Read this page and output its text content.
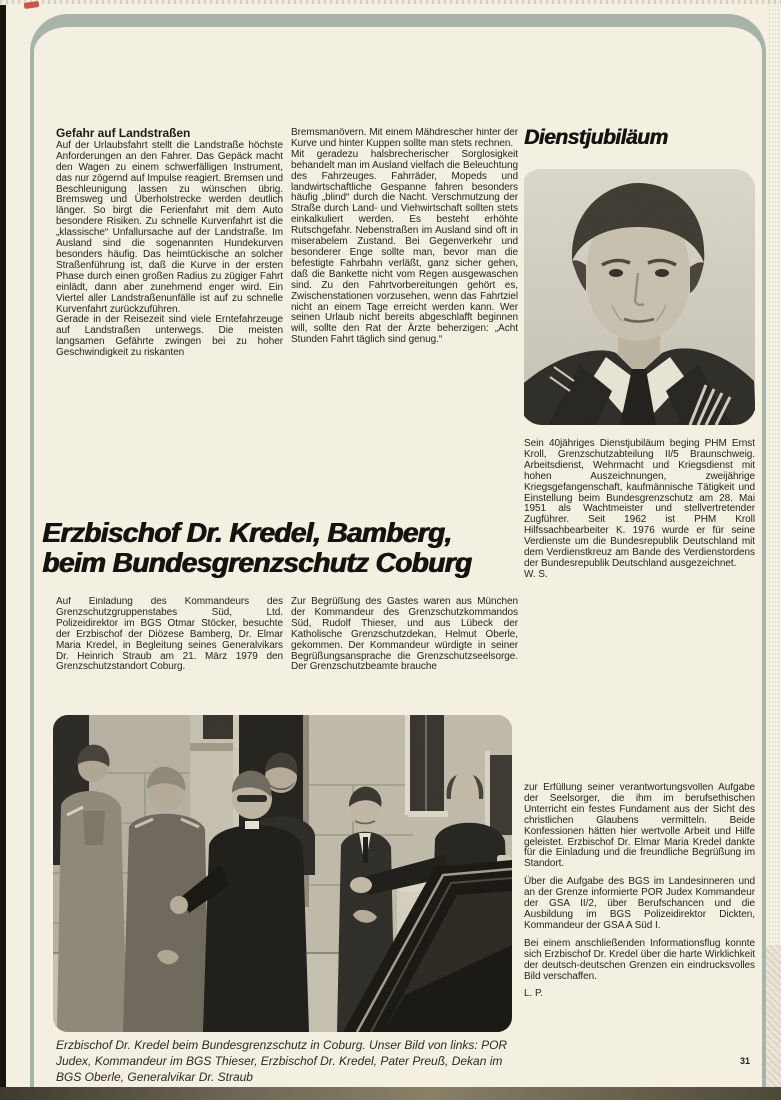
Gefahr auf Landstraßen

Auf der Urlaubsfahrt stellt die Landstraße höchste Anforderungen an den Fahrer. Das Gepäck macht den Wagen zu einem schwerfälligen Instrument, das nur zögernd auf Impulse reagiert. Bremsen und Beschleunigung lassen zu wünschen übrig. Bremsweg und Überholstrecke werden deutlich länger. So birgt die Ferienfahrt mit dem Auto besondere Risiken. Zu schnelle Kurvenfahrt ist die „klassische“ Unfallursache auf der Landstraße. Im Ausland sind die sogenannten Hundekurven besonders häufig. Das heimtückische an solcher Straßenführung ist, daß die Kurve in der ersten Phase durch einen großen Radius zu zügiger Fahrt einlädt, dann aber zunehmend enger wird. Ein Viertel aller Landstraßenunfälle ist auf zu schnelle Kurvenfahrt zurückzuführen.

Gerade in der Reisezeit sind viele Erntefahrzeuge auf Landstraßen unterwegs. Die meisten langsamen Gefährte zwingen bei zu hoher Geschwindigkeit zu riskanten

Bremsmanövern. Mit einem Mähdrescher hinter der Kurve und hinter Kuppen sollte man stets rechnen.

Mit geradezu halsbrecherischer Sorglosigkeit behandelt man im Ausland vielfach die Beleuchtung des Fahrzeuges. Fahrräder, Mopeds und landwirtschaftliche Gespanne fahren besonders häufig „blind“ durch die Nacht. Verschmutzung der Straße durch Land- und Viehwirtschaft sollten stets einkalkuliert werden. Es besteht erhöhte Rutschgefahr. Nebenstraßen im Ausland sind oft in miserabelem Zustand. Bei Gegenverkehr und besonderer Enge sollte man, bevor man die befestigte Fahrbahn verläßt, ganz sicher gehen, daß die Bankette nicht vom Regen ausgewaschen sind. Zu den Fahrtvorbereitungen gehört es, Zwischenstationen vorzusehen, wenn das Fahrtziel nicht an einem Tage erreicht werden kann. Wer seinen Urlaub nicht bereits abgeschlafft beginnen will, sollte den Rat der Ärzte beherzigen: „Acht Stunden Fahrt täglich sind genug.“

Dienstjubiläum

Sein 40jähriges Dienstjubiläum beging PHM Ernst Kroll, Grenzschutzabteilung II/5 Braunschweig. Arbeitsdienst, Wehrmacht und Kriegsdienst mit hohen Auszeichnungen, zweijährige Kriegsgefangenschaft, kaufmännische Tätigkeit und Einstellung beim Bundesgrenzschutz am 28. Mai 1951 als Wachtmeister und stellvertretender Zugführer. Seit 1962 ist PHM Kroll Hilfssachbearbeiter K. 1976 wurde er für seine Verdienste um die Bundesrepublik Deutschland mit dem Verdienstkreuz am Bande des Verdienstordens der Bundesrepublik Deutschland ausgezeichnet.

W. S.

Erzbischof Dr. Kredel, Bamberg,
beim Bundesgrenzschutz Coburg

Auf Einladung des Kommandeurs des Grenzschutzgruppenstabes Süd, Ltd. Polizeidirektor im BGS Otmar Stöcker, besuchte der Erzbischof der Diözese Bamberg, Dr. Elmar Maria Kredel, in Begleitung seines Generalvikars Dr. Heinrich Straub am 21. März 1979 den Grenzschutzstandort Coburg.

Zur Begrüßung des Gastes waren aus München der Kommandeur des Grenzschutzkommandos Süd, Rudolf Thieser, und aus Lübeck der Katholische Grenzschutzdekan, Helmut Oberle, gekommen. Der Kommandeur würdigte in seiner Begrüßungsansprache die Grenzschutzseelsorge. Der Grenzschutzbeamte brauche

Erzbischof Dr. Kredel beim Bundesgrenzschutz in Coburg. Unser Bild von links: POR Judex, Kommandeur im BGS Thieser, Erzbischof Dr. Kredel, Pater Preuß, Dekan im BGS Oberle, Generalvikar Dr. Straub

zur Erfüllung seiner verantwortungsvollen Aufgabe der Seelsorger, die ihm im berufsethischen Unterricht ein festes Fundament aus der Sicht des christlichen Glaubens vermitteln. Beide Konfessionen hätten hier wertvolle Arbeit und Hilfe geleistet. Erzbischof Dr. Elmar Maria Kredel dankte für die Einladung und die freundliche Begrüßung im Standort.

Über die Aufgabe des BGS im Landesinneren und an der Grenze informierte POR Judex Kommandeur der GSA II/2, über Berufschancen und die Ausbildung im BGS Polizeidirektor Dickten, Kommandeur der GSA A Süd I.

Bei einem anschließenden Informationsflug konnte sich Erzbischof Dr. Kredel über die harte Wirklichkeit der deutsch-deutschen Grenzen ein eindrucksvolles Bild verschaffen.

L. P.

31
